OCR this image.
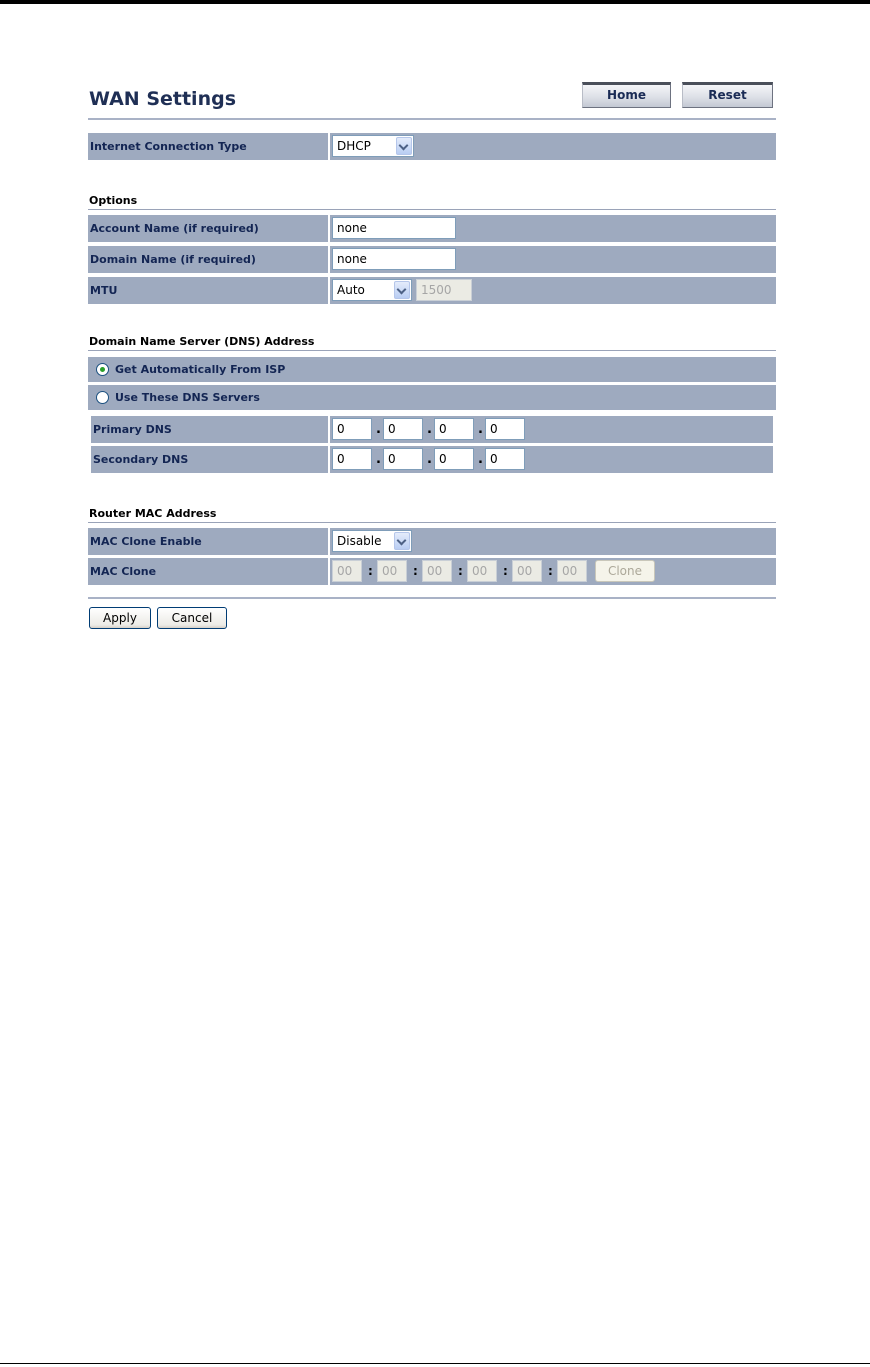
WAN Settings	Home	Reset
Internet Connection Type	DHCP
Options
Account Name (if required)	none
Domain Name (if required)	none
MTU	Auto	1500
Domain Name Server (DNS) Address
Get Automatically From ISP
Use These DNS Servers
Primary DNS	0	. 0	. 0	. 0
Secondary DNS	0	. 0	. 0	. 0
Router MAC Address
MAC Clone Enable	Disable
MAC Clone	00	: 00	: 00	: 00	: 00	: 00	Clone
Apply	Cancel
